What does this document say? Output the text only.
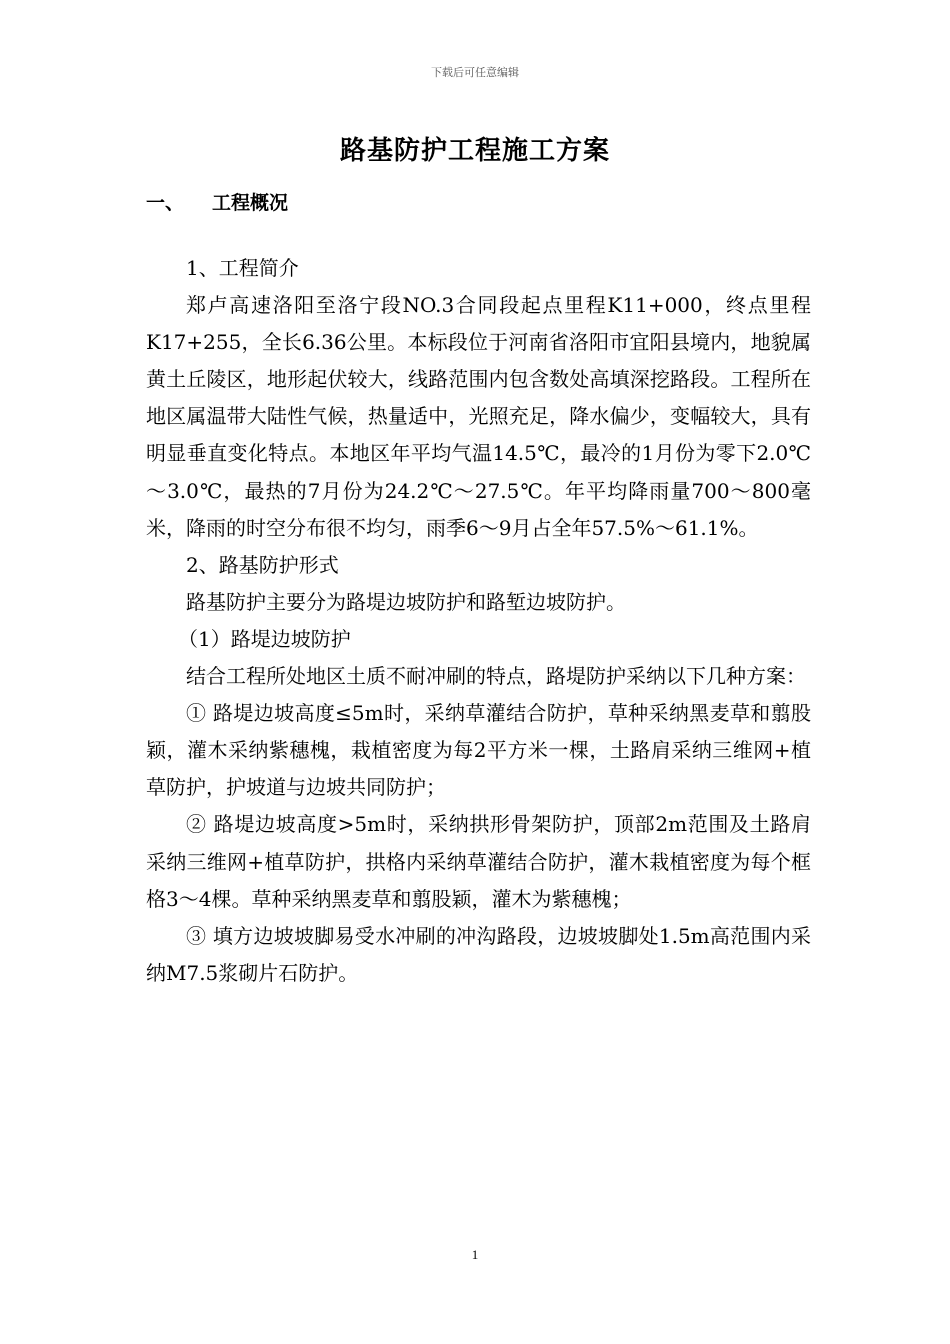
下载后可任意编辑
路基防护工程施工方案
一、 工程概况

1、工程简介

郑卢高速洛阳至洛宁段NO.3合同段起点里程K11+000，终点里程K17+255，全长6.36公里。本标段位于河南省洛阳市宜阳县境内，地貌属黄土丘陵区，地形起伏较大，线路范围内包含数处高填深挖路段。工程所在地区属温带大陆性气候，热量适中，光照充足，降水偏少，变幅较大，具有明显垂直变化特点。本地区年平均气温14.5℃，最冷的1月份为零下2.0℃～3.0℃，最热的7月份为24.2℃～27.5℃。年平均降雨量700～800毫米，降雨的时空分布很不均匀，雨季6～9月占全年57.5%～61.1%。

2、路基防护形式

路基防护主要分为路堤边坡防护和路堑边坡防护。

（1）路堤边坡防护

结合工程所处地区土质不耐冲刷的特点，路堤防护采纳以下几种方案：

① 路堤边坡高度≤5m时，采纳草灌结合防护，草种采纳黑麦草和翦股颖，灌木采纳紫穗槐，栽植密度为每2平方米一棵，土路肩采纳三维网+植草防护，护坡道与边坡共同防护；

② 路堤边坡高度>5m时，采纳拱形骨架防护，顶部2m范围及土路肩采纳三维网+植草防护，拱格内采纳草灌结合防护，灌木栽植密度为每个框格3～4棵。草种采纳黑麦草和翦股颖，灌木为紫穗槐；

③ 填方边坡坡脚易受水冲刷的冲沟路段，边坡坡脚处1.5m高范围内采纳M7.5浆砌片石防护。

1
